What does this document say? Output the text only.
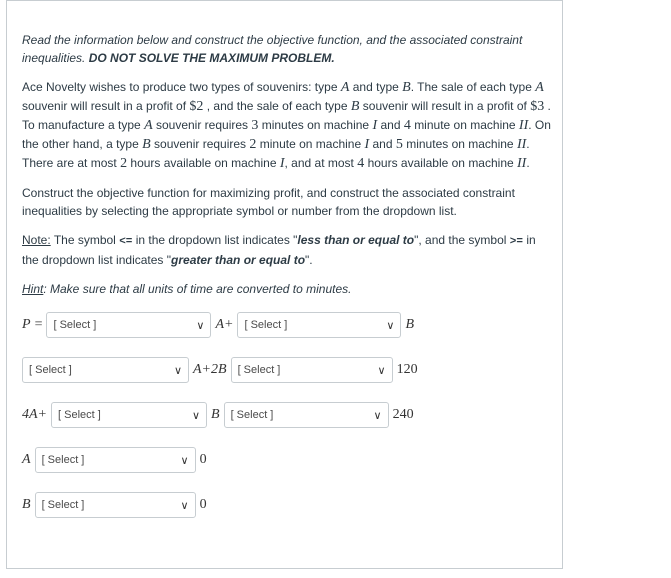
Read the information below and construct the objective function, and the associated constraint inequalities. DO NOT SOLVE THE MAXIMUM PROBLEM.

Ace Novelty wishes to produce two types of souvenirs: type A and type B. The sale of each type A souvenir will result in a profit of $2 , and the sale of each type B souvenir will result in a profit of $3 . To manufacture a type A souvenir requires 3 minutes on machine I and 4 minute on machine II. On the other hand, a type B souvenir requires 2 minute on machine I and 5 minutes on machine II. There are at most 2 hours available on machine I, and at most 4 hours available on machine II.

Construct the objective function for maximizing profit, and construct the associated constraint inequalities by selecting the appropriate symbol or number from the dropdown list.

Note: The symbol <= in the dropdown list indicates "less than or equal to", and the symbol >= in the dropdown list indicates "greater than or equal to".

Hint: Make sure that all units of time are converted to minutes.

P = [ Select ]	∨ A+ [ Select ]	∨ B
[ Select ]	∨ A+2B [ Select ]	∨ 120
4A+ [ Select ]	∨ B [ Select ]	∨ 240
A [ Select ]	∨ 0
B [ Select ]	∨ 0
